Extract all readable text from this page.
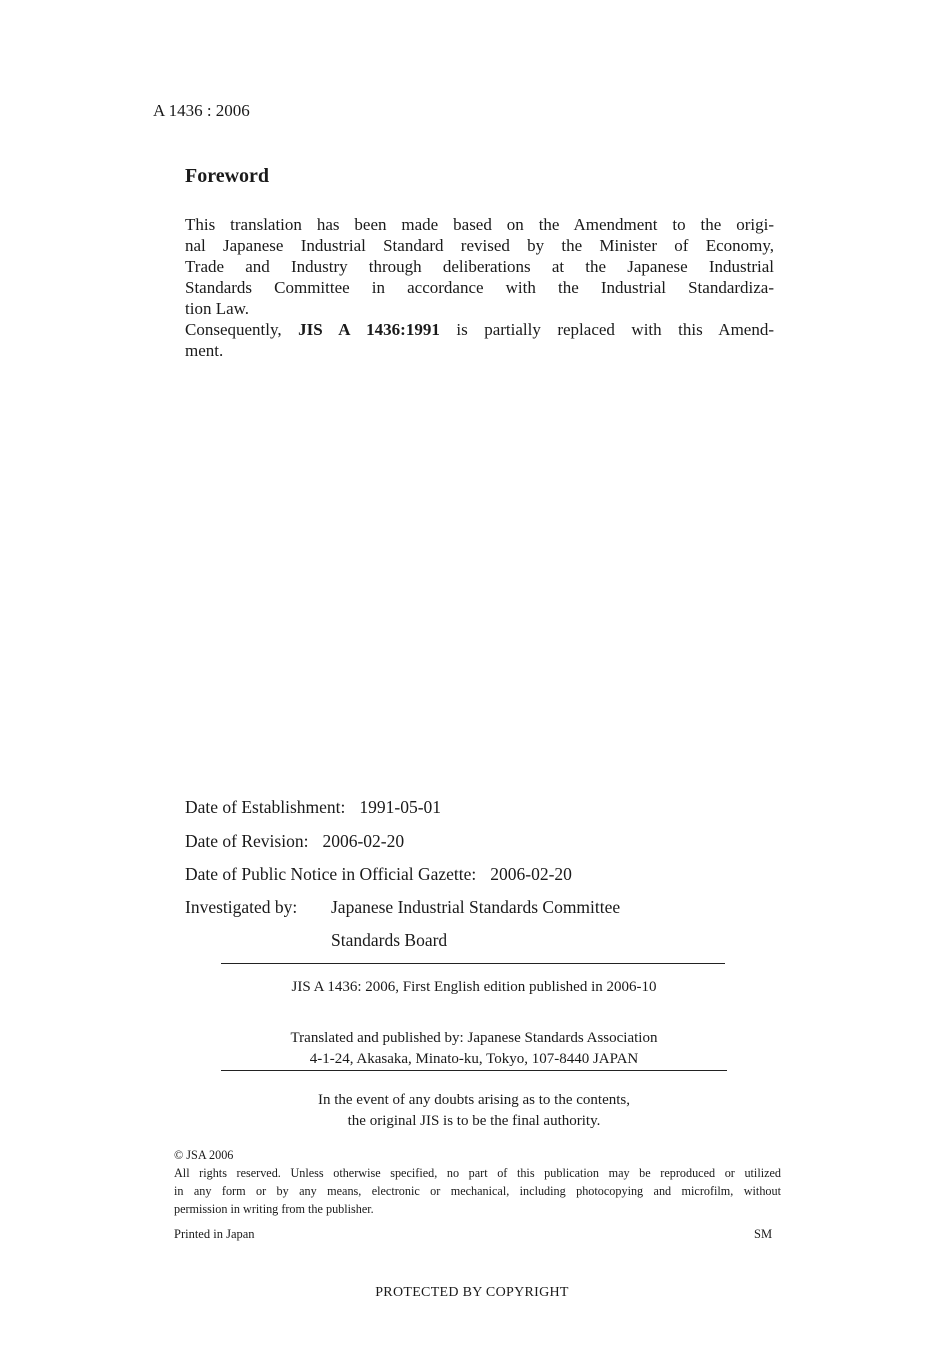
A 1436 : 2006
Foreword

This translation has been made based on the Amendment to the origi-
nal Japanese Industrial Standard revised by the Minister of Economy,
Trade and Industry through deliberations at the Japanese Industrial
Standards Committee in accordance with the Industrial Standardiza-
tion Law.

Consequently, JIS A 1436:1991 is partially replaced with this Amend-
ment.

Date of Establishment: 1991-05-01
Date of Revision: 2006-02-20
Date of Public Notice in Official Gazette: 2006-02-20
Investigated by: Japanese Industrial Standards Committee
Standards Board
JIS A 1436: 2006, First English edition published in 2006-10
Translated and published by: Japanese Standards Association
4-1-24, Akasaka, Minato-ku, Tokyo, 107-8440 JAPAN
In the event of any doubts arising as to the contents,
the original JIS is to be the final authority.
© JSA 2006
All rights reserved. Unless otherwise specified, no part of this publication may be reproduced or utilized
in any form or by any means, electronic or mechanical, including photocopying and microfilm, without
permission in writing from the publisher.
Printed in Japan	SM
PROTECTED BY COPYRIGHT
